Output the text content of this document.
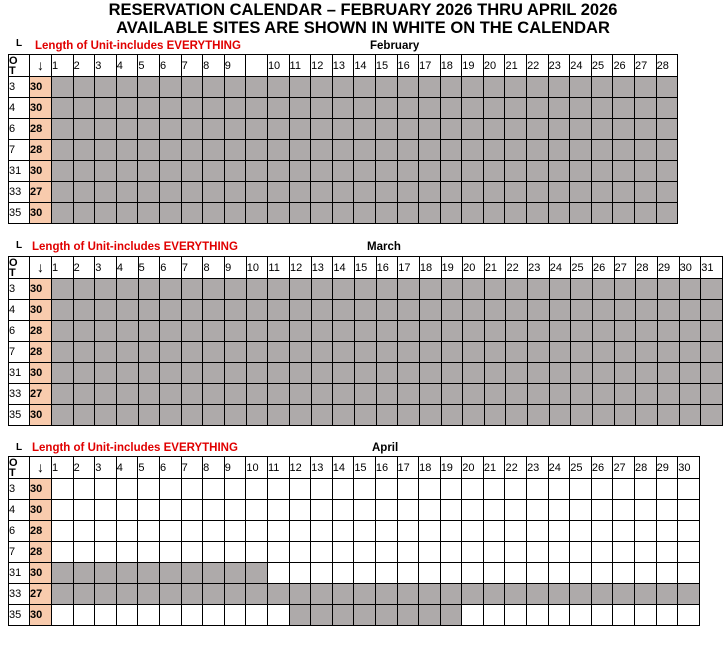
RESERVATION CALENDAR – FEBRUARY 2026 THRU APRIL 2026
AVAILABLE SITES ARE SHOWN IN WHITE ON THE CALENDAR
L Length of Unit-includes EVERYTHING	February
O
T	↓	1	2	3	4	5	6	7	8	9		10	11	12	13	14	15	16	17	18	19	20	21	22	23	24	25	26	27	28
3	30																													
4	30																													
6	28																													
7	28																													
31	30																													
33	27																													
35	30																													
L Length of Unit-includes EVERYTHING	March
O
T	↓	1	2	3	4	5	6	7	8	9	10	11	12	13	14	15	16	17	18	19	20	21	22	23	24	25	26	27	28	29	30	31
3	30																															
4	30																															
6	28																															
7	28																															
31	30																															
33	27																															
35	30																															
L Length of Unit-includes EVERYTHING	April
O
T	↓	1	2	3	4	5	6	7	8	9	10	11	12	13	14	15	16	17	18	19	20	21	22	23	24	25	26	27	28	29	30
3	30																														
4	30																														
6	28																														
7	28																														
31	30																														
33	27																														
35	30																														
